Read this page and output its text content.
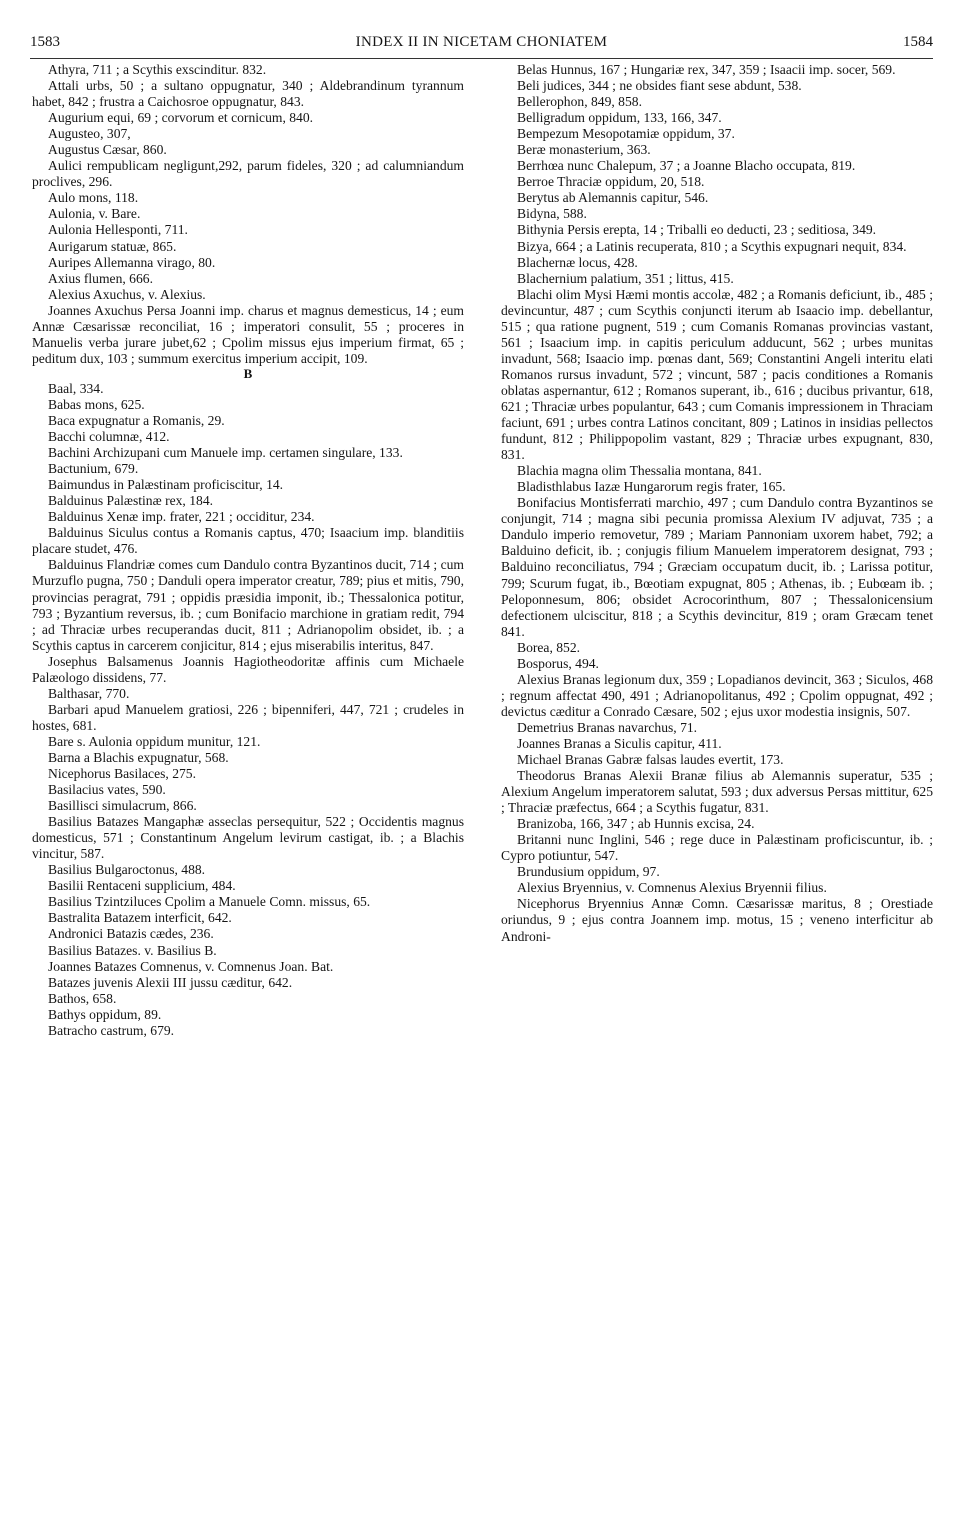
1583	INDEX II IN NICETAM CHONIATEM	1584

Athyra, 711 ; a Scythis exscinditur. 832.

Attali urbs, 50 ; a sultano oppugnatur, 340 ; Aldebrandinum tyrannum habet, 842 ; frustra a Caichosroe oppugnatur, 843.

Augurium equi, 69 ; corvorum et cornicum, 840.

Augusteo, 307,

Augustus Cæsar, 860.

Aulici rempublicam negligunt,292, parum fideles, 320 ; ad calumniandum proclives, 296.

Aulo mons, 118.

Aulonia, v. Bare.

Aulonia Hellesponti, 711.

Aurigarum statuæ, 865.

Auripes Allemanna virago, 80.

Axius flumen, 666.

Alexius Axuchus, v. Alexius.

Joannes Axuchus Persa Joanni imp. charus et magnus demesticus, 14 ; eum Annæ Cæsarissæ reconciliat, 16 ; imperatori consulit, 55 ; proceres in Manuelis verba jurare jubet,62 ; Cpolim missus ejus imperium firmat, 65 ; peditum dux, 103 ; summum exercitus imperium accipit, 109.

B

Baal, 334.

Babas mons, 625.

Baca expugnatur a Romanis, 29.

Bacchi columnæ, 412.

Bachini Archizupani cum Manuele imp. certamen singulare, 133.

Bactunium, 679.

Baimundus in Palæstinam proficiscitur, 14.

Balduinus Palæstinæ rex, 184.

Balduinus Xenæ imp. frater, 221 ; occiditur, 234.

Balduinus Siculus contus a Romanis captus, 470; Isaacium imp. blanditiis placare studet, 476.

Balduinus Flandriæ comes cum Dandulo contra Byzantinos ducit, 714 ; cum Murzuflo pugna, 750 ; Danduli opera imperator creatur, 789; pius et mitis, 790, provincias peragrat, 791 ; oppidis præsidia imponit, ib.; Thessalonica potitur, 793 ; Byzantium reversus, ib. ; cum Bonifacio marchione in gratiam redit, 794 ; ad Thraciæ urbes recuperandas ducit, 811 ; Adrianopolim obsidet, ib. ; a Scythis captus in carcerem conjicitur, 814 ; ejus miserabilis interitus, 847.

Josephus Balsamenus Joannis Hagiotheodoritæ affinis cum Michaele Palæologo dissidens, 77.

Balthasar, 770.

Barbari apud Manuelem gratiosi, 226 ; bipenniferi, 447, 721 ; crudeles in hostes, 681.

Bare s. Aulonia oppidum munitur, 121.

Barna a Blachis expugnatur, 568.

Nicephorus Basilaces, 275.

Basilacius vates, 590.

Basillisci simulacrum, 866.

Basilius Batazes Mangaphæ asseclas persequitur, 522 ; Occidentis magnus domesticus, 571 ; Constantinum Angelum levirum castigat, ib. ; a Blachis vincitur, 587.

Basilius Bulgaroctonus, 488.

Basilii Rentaceni supplicium, 484.

Basilius Tzintziluces Cpolim a Manuele Comn. missus, 65.

Bastralita Batazem interficit, 642.

Andronici Batazis cædes, 236.

Basilius Batazes. v. Basilius B.

Joannes Batazes Comnenus, v. Comnenus Joan. Bat.

Batazes juvenis Alexii III jussu cæditur, 642.

Bathos, 658.

Bathys oppidum, 89.

Batracho castrum, 679.

Belas Hunnus, 167 ; Hungariæ rex, 347, 359 ; Isaacii imp. socer, 569.

Beli judices, 344 ; ne obsides fiant sese abdunt, 538.

Bellerophon, 849, 858.

Belligradum oppidum, 133, 166, 347.

Bempezum Mesopotamiæ oppidum, 37.

Beræ monasterium, 363.

Berrhœa nunc Chalepum, 37 ; a Joanne Blacho occupata, 819.

Berroe Thraciæ oppidum, 20, 518.

Berytus ab Alemannis capitur, 546.

Bidyna, 588.

Bithynia Persis erepta, 14 ; Triballi eo deducti, 23 ; seditiosa, 349.

Bizya, 664 ; a Latinis recuperata, 810 ; a Scythis expugnari nequit, 834.

Blachernæ locus, 428.

Blachernium palatium, 351 ; littus, 415.

Blachi olim Mysi Hæmi montis accolæ, 482 ; a Romanis deficiunt, ib., 485 ; devincuntur, 487 ; cum Scythis conjuncti iterum ab Isaacio imp. debellantur, 515 ; qua ratione pugnent, 519 ; cum Comanis Romanas provincias vastant, 561 ; Isaacium imp. in capitis periculum adducunt, 562 ; urbes munitas invadunt, 568; Isaacio imp. pœnas dant, 569; Constantini Angeli interitu elati Romanos rursus invadunt, 572 ; vincunt, 587 ; pacis conditiones a Romanis oblatas aspernantur, 612 ; Romanos superant, ib., 616 ; ducibus privantur, 618, 621 ; Thraciæ urbes populantur, 643 ; cum Comanis impressionem in Thraciam faciunt, 691 ; urbes contra Latinos concitant, 809 ; Latinos in insidias pellectos fundunt, 812 ; Philippopolim vastant, 829 ; Thraciæ urbes expugnant, 830, 831.

Blachia magna olim Thessalia montana, 841.

Bladisthlabus Iazæ Hungarorum regis frater, 165.

Bonifacius Montisferrati marchio, 497 ; cum Dandulo contra Byzantinos se conjungit, 714 ; magna sibi pecunia promissa Alexium IV adjuvat, 735 ; a Dandulo imperio removetur, 789 ; Mariam Pannoniam uxorem habet, 792; a Balduino deficit, ib. ; conjugis filium Manuelem imperatorem designat, 793 ; Balduino reconciliatus, 794 ; Græciam occupatum ducit, ib. ; Larissa potitur, 799; Scurum fugat, ib., Bœotiam expugnat, 805 ; Athenas, ib. ; Eubœam ib. ; Peloponnesum, 806; obsidet Acrocorinthum, 807 ; Thessalonicensium defectionem ulciscitur, 818 ; a Scythis devincitur, 819 ; oram Græcam tenet 841.

Borea, 852.

Bosporus, 494.

Alexius Branas legionum dux, 359 ; Lopadianos devincit, 363 ; Siculos, 468 ; regnum affectat 490, 491 ; Adrianopolitanus, 492 ; Cpolim oppugnat, 492 ; devictus cæditur a Conrado Cæsare, 502 ; ejus uxor modestia insignis, 507.

Demetrius Branas navarchus, 71.

Joannes Branas a Siculis capitur, 411.

Michael Branas Gabræ falsas laudes evertit, 173.

Theodorus Branas Alexii Branæ filius ab Alemannis superatur, 535 ; Alexium Angelum imperatorem salutat, 593 ; dux adversus Persas mittitur, 625 ; Thraciæ præfectus, 664 ; a Scythis fugatur, 831.

Branizoba, 166, 347 ; ab Hunnis excisa, 24.

Britanni nunc Inglini, 546 ; rege duce in Palæstinam proficiscuntur, ib. ; Cypro potiuntur, 547.

Brundusium oppidum, 97.

Alexius Bryennius, v. Comnenus Alexius Bryennii filius.

Nicephorus Bryennius Annæ Comn. Cæsarissæ maritus, 8 ; Orestiade oriundus, 9 ; ejus contra Joannem imp. motus, 15 ; veneno interficitur ab Androni-
